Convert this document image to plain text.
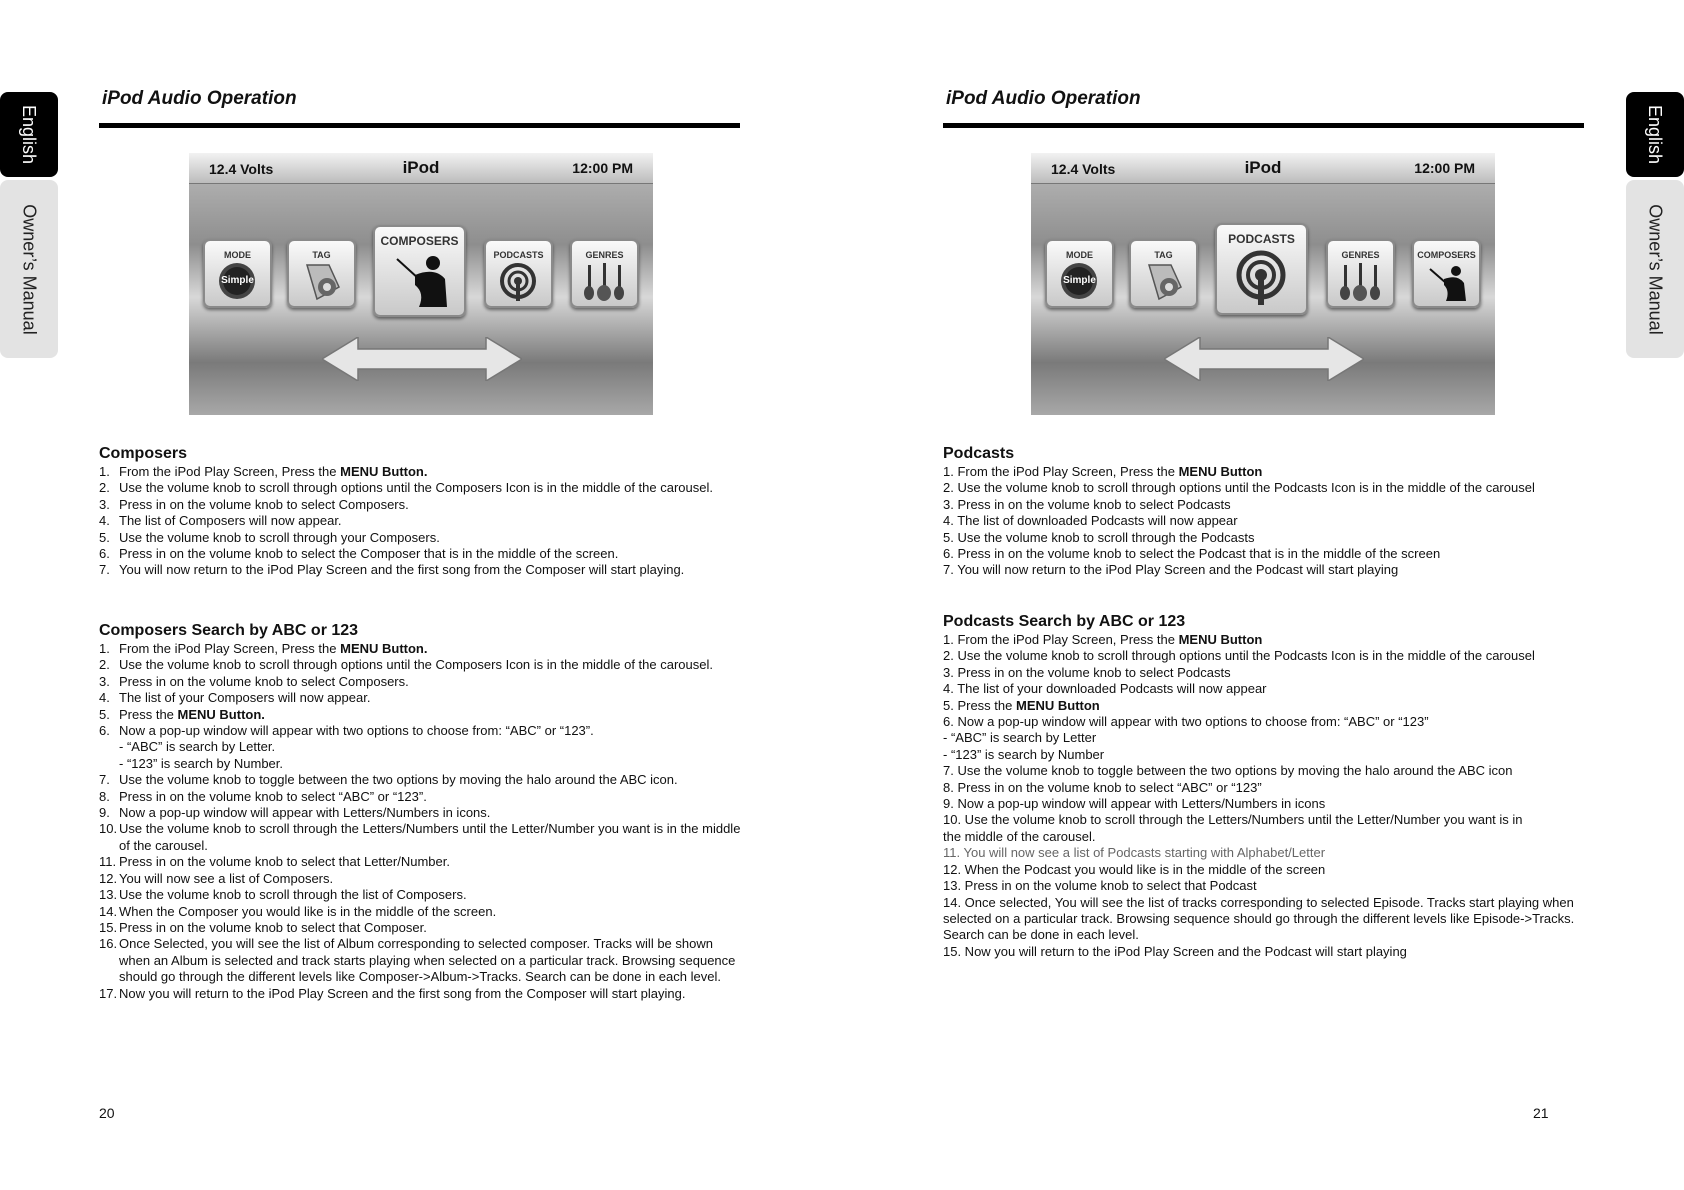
English
Owner’s Manual
English
Owner’s Manual
iPod Audio Operation
12.4 Volts	iPod	12:00 PM
MODE
Simple
TAG
COMPOSERS
PODCASTS	GENRES
Composers
1. From the iPod Play Screen, Press the MENU Button.
2. Use the volume knob to scroll through options until the Composers Icon is in the middle of the carousel.
3. Press in on the volume knob to select Composers.
4. The list of Composers will now appear.
5. Use the volume knob to scroll through your Composers.
6. Press in on the volume knob to select the Composer that is in the middle of the screen.
7. You will now return to the iPod Play Screen and the first song from the Composer will start playing.
Composers Search by ABC or 123
1. From the iPod Play Screen, Press the MENU Button.
2. Use the volume knob to scroll through options until the Composers Icon is in the middle of the carousel.
3. Press in on the volume knob to select Composers.
4. The list of your Composers will now appear.
5. Press the MENU Button.
6. Now a pop-up window will appear with two options to choose from: “ABC” or “123”.
- “ABC” is search by Letter.
- “123” is search by Number.
7. Use the volume knob to toggle between the two options by moving the halo around the ABC icon.
8. Press in on the volume knob to select “ABC” or “123”.
9. Now a pop-up window will appear with Letters/Numbers in icons.
10. Use the volume knob to scroll through the Letters/Numbers until the Letter/Number you want is in the middle of the carousel.
11. Press in on the volume knob to select that Letter/Number.
12. You will now see a list of Composers.
13. Use the volume knob to scroll through the list of Composers.
14. When the Composer you would like is in the middle of the screen.
15. Press in on the volume knob to select that Composer.
16. Once Selected, you will see the list of Album corresponding to selected composer. Tracks will be shown when an Album is selected and track starts playing when selected on a particular track. Browsing sequence should go through the different levels like Composer->Album->Tracks. Search can be done in each level.
17. Now you will return to the iPod Play Screen and the first song from the Composer will start playing.
20
iPod Audio Operation
12.4 Volts	iPod	12:00 PM
MODE
Simple
TAG
PODCASTS
GENRES	COMPOSERS
Podcasts
1. From the iPod Play Screen, Press the MENU Button
2. Use the volume knob to scroll through options until the Podcasts Icon is in the middle of the carousel
3. Press in on the volume knob to select Podcasts
4. The list of downloaded Podcasts will now appear
5. Use the volume knob to scroll through the Podcasts
6. Press in on the volume knob to select the Podcast that is in the middle of the screen
7. You will now return to the iPod Play Screen and the Podcast will start playing
Podcasts Search by ABC or 123
1. From the iPod Play Screen, Press the MENU Button
2. Use the volume knob to scroll through options until the Podcasts Icon is in the middle of the carousel
3. Press in on the volume knob to select Podcasts
4. The list of your downloaded Podcasts will now appear
5. Press the MENU Button
6. Now a pop-up window will appear with two options to choose from: “ABC” or “123”
- “ABC” is search by Letter
- “123” is search by Number
7. Use the volume knob to toggle between the two options by moving the halo around the ABC icon
8. Press in on the volume knob to select “ABC” or “123”
9. Now a pop-up window will appear with Letters/Numbers in icons
10. Use the volume knob to scroll through the Letters/Numbers until the Letter/Number you want is in the middle of the carousel.
11. You will now see a list of Podcasts starting with Alphabet/Letter
12. When the Podcast you would like is in the middle of the screen
13. Press in on the volume knob to select that Podcast
14. Once selected, You will see the list of tracks corresponding to selected Episode. Tracks start playing when selected on a particular track. Browsing sequence should go through the different levels like Episode->Tracks. Search can be done in each level.
15. Now you will return to the iPod Play Screen and the Podcast will start playing
21
